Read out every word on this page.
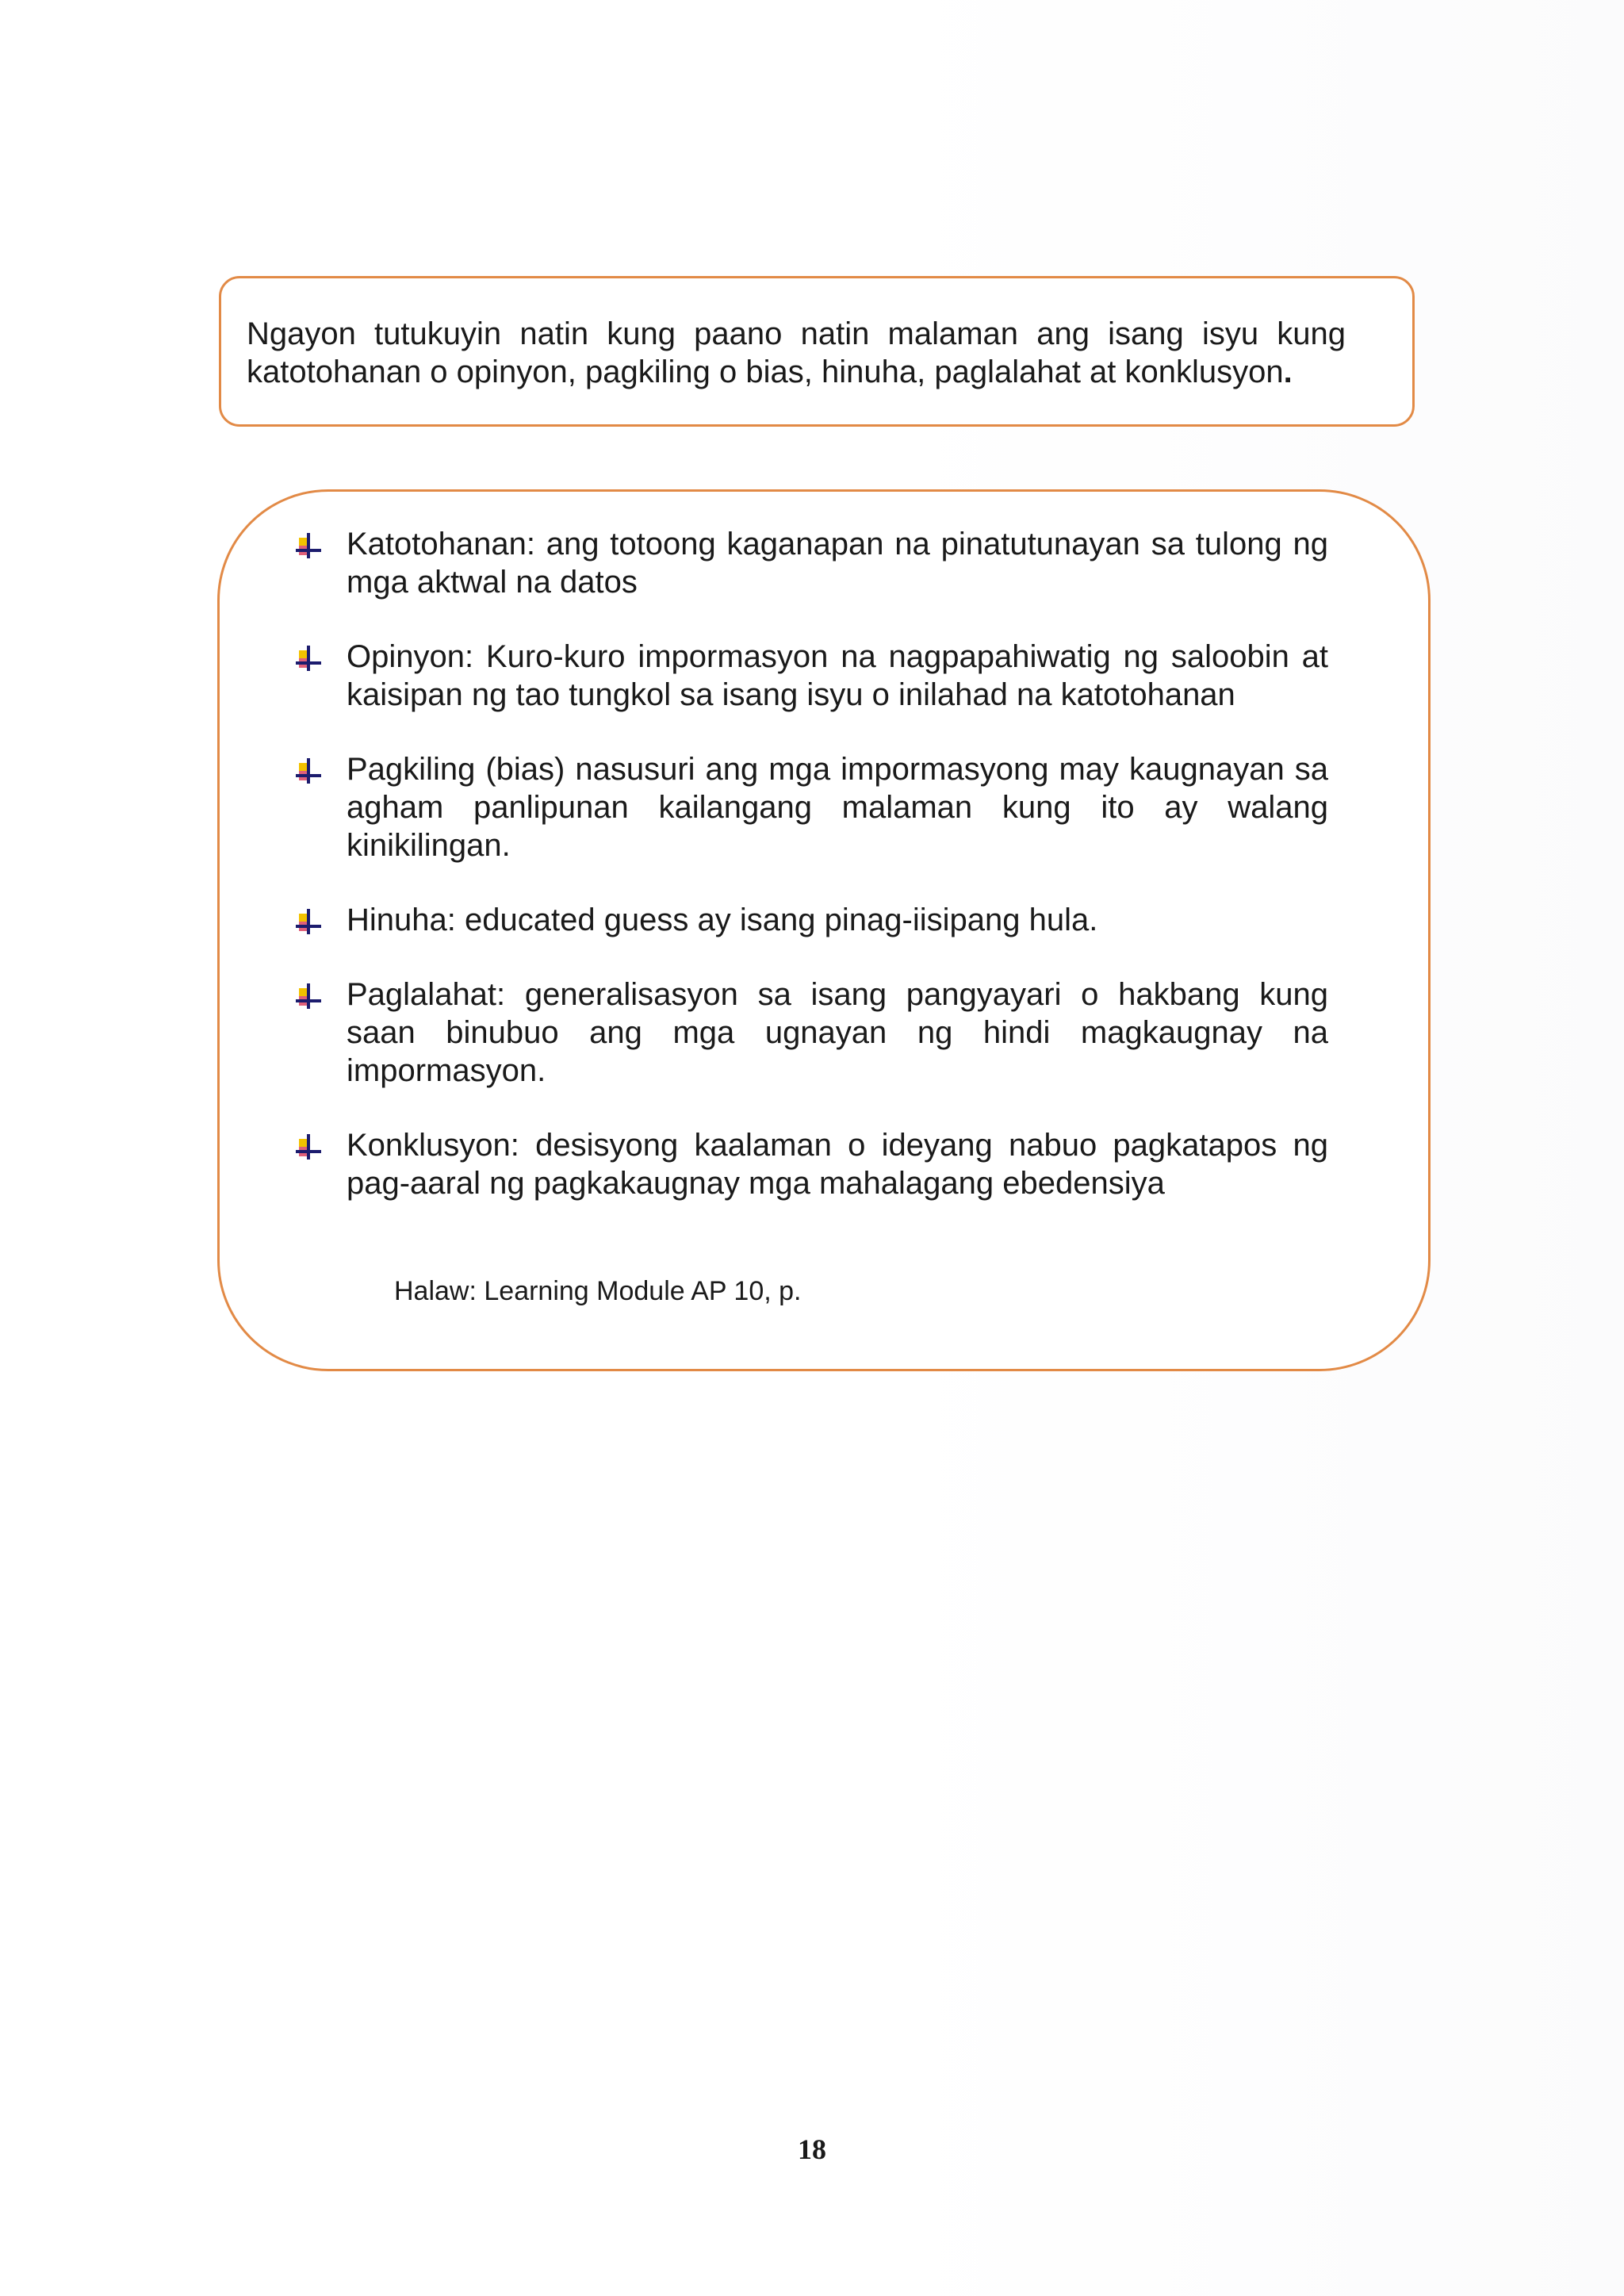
Ngayon tutukuyin natin kung paano natin malaman ang isang isyu kung katotohanan o opinyon, pagkiling o bias, hinuha, paglalahat at konklusyon.

Katotohanan: ang totoong kaganapan na pinatutunayan sa tulong ng mga aktwal na datos
Opinyon: Kuro-kuro impormasyon na nagpapahiwatig ng saloobin at kaisipan ng tao tungkol sa isang isyu o inilahad na katotohanan
Pagkiling (bias) nasusuri ang mga impormasyong may kaugnayan sa agham panlipunan kailangang malaman kung ito ay walang kinikilingan.
Hinuha: educated guess ay isang pinag-iisipang hula.
Paglalahat: generalisasyon sa isang pangyayari o hakbang kung saan binubuo ang mga ugnayan ng hindi magkaugnay na impormasyon.
Konklusyon: desisyong kaalaman o ideyang nabuo pagkatapos ng pag-aaral ng pagkakaugnay mga mahalagang ebedensiya

Halaw: Learning Module AP 10, p.

18
